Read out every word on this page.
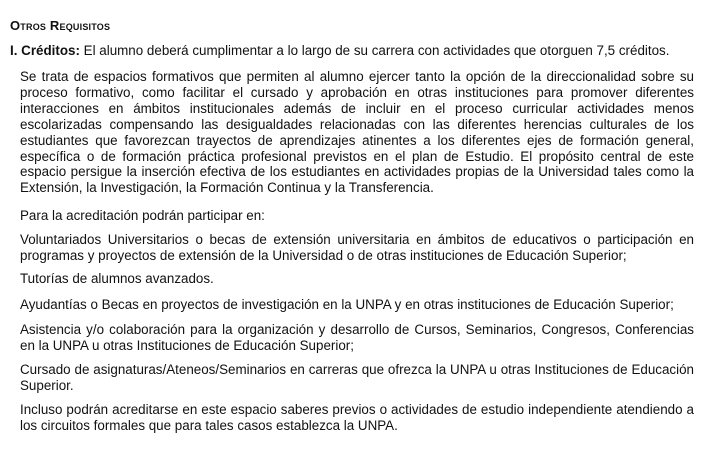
Otros Requisitos
I. Créditos: El alumno deberá cumplimentar a lo largo de su carrera con actividades que otorguen 7,5 créditos.
Se trata de espacios formativos que permiten al alumno ejercer tanto la opción de la direccionalidad sobre su proceso formativo, como facilitar el cursado y aprobación en otras instituciones para promover diferentes interacciones en ámbitos institucionales además de incluir en el proceso curricular actividades menos escolarizadas compensando las desigualdades relacionadas con las diferentes herencias culturales de los estudiantes que favorezcan trayectos de aprendizajes atinentes a los diferentes ejes de formación general, específica o de formación práctica profesional previstos en el plan de Estudio. El propósito central de este espacio persigue la inserción efectiva de los estudiantes en actividades propias de la Universidad tales como la Extensión, la Investigación, la Formación Continua y la Transferencia.
Para la acreditación podrán participar en:
Voluntariados Universitarios o becas de extensión universitaria en ámbitos de educativos o participación en programas y proyectos de extensión de la Universidad o de otras instituciones de Educación Superior;
Tutorías de alumnos avanzados.
Ayudantías o Becas en proyectos de investigación en la UNPA y en otras instituciones de Educación Superior;
Asistencia y/o colaboración para la organización y desarrollo de Cursos, Seminarios, Congresos, Conferencias en la UNPA u otras Instituciones de Educación Superior;
Cursado de asignaturas/Ateneos/Seminarios en carreras que ofrezca la UNPA u otras Instituciones de Educación Superior.
Incluso podrán acreditarse en este espacio saberes previos o actividades de estudio independiente atendiendo a los circuitos formales que para tales casos establezca la UNPA.
